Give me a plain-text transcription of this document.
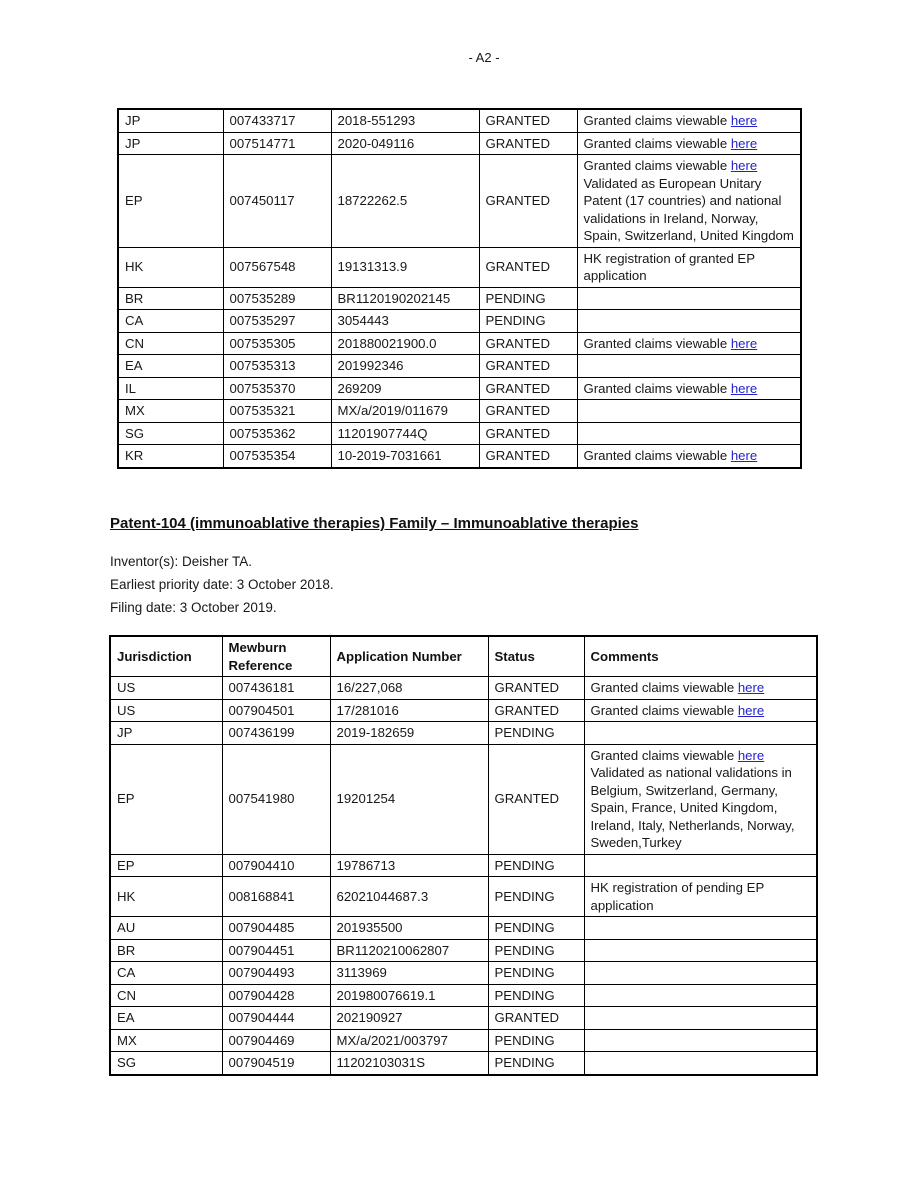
- A2 -
JP	007433717	2018-551293	GRANTED	Granted claims viewable here

JP	007514771	2020-049116	GRANTED	Granted claims viewable here

EP	007450117	18722262.5	GRANTED	Granted claims viewable here
Validated as European Unitary Patent (17 countries) and national validations in Ireland, Norway, Spain, Switzerland, United Kingdom

HK	007567548	19131313.9	GRANTED	HK registration of granted EP application

BR	007535289	BR1120190202145	PENDING	
CA	007535297	3054443	PENDING	
CN	007535305	201880021900.0	GRANTED	Granted claims viewable here

EA	007535313	201992346	GRANTED	
IL	007535370	269209	GRANTED	Granted claims viewable here

MX	007535321	MX/a/2019/011679	GRANTED	
SG	007535362	11201907744Q	GRANTED	
KR	007535354	10-2019-7031661	GRANTED	Granted claims viewable here
Patent-104 (immunoablative therapies) Family – Immunoablative therapies
Inventor(s): Deisher TA.
Earliest priority date: 3 October 2018.
Filing date: 3 October 2019.
Jurisdiction	Mewburn Reference	Application Number	Status	Comments
US	007436181	16/227,068	GRANTED	Granted claims viewable here

US	007904501	17/281016	GRANTED	Granted claims viewable here

JP	007436199	2019-182659	PENDING	
EP	007541980	19201254	GRANTED	Granted claims viewable here
Validated as national validations in Belgium, Switzerland, Germany, Spain, France, United Kingdom, Ireland, Italy, Netherlands, Norway, Sweden,Turkey

EP	007904410	19786713	PENDING	
HK	008168841	62021044687.3	PENDING	HK registration of pending EP application

AU	007904485	201935500	PENDING	
BR	007904451	BR1120210062807	PENDING	
CA	007904493	3113969	PENDING	
CN	007904428	201980076619.1	PENDING	
EA	007904444	202190927	GRANTED	
MX	007904469	MX/a/2021/003797	PENDING	
SG	007904519	11202103031S	PENDING	
